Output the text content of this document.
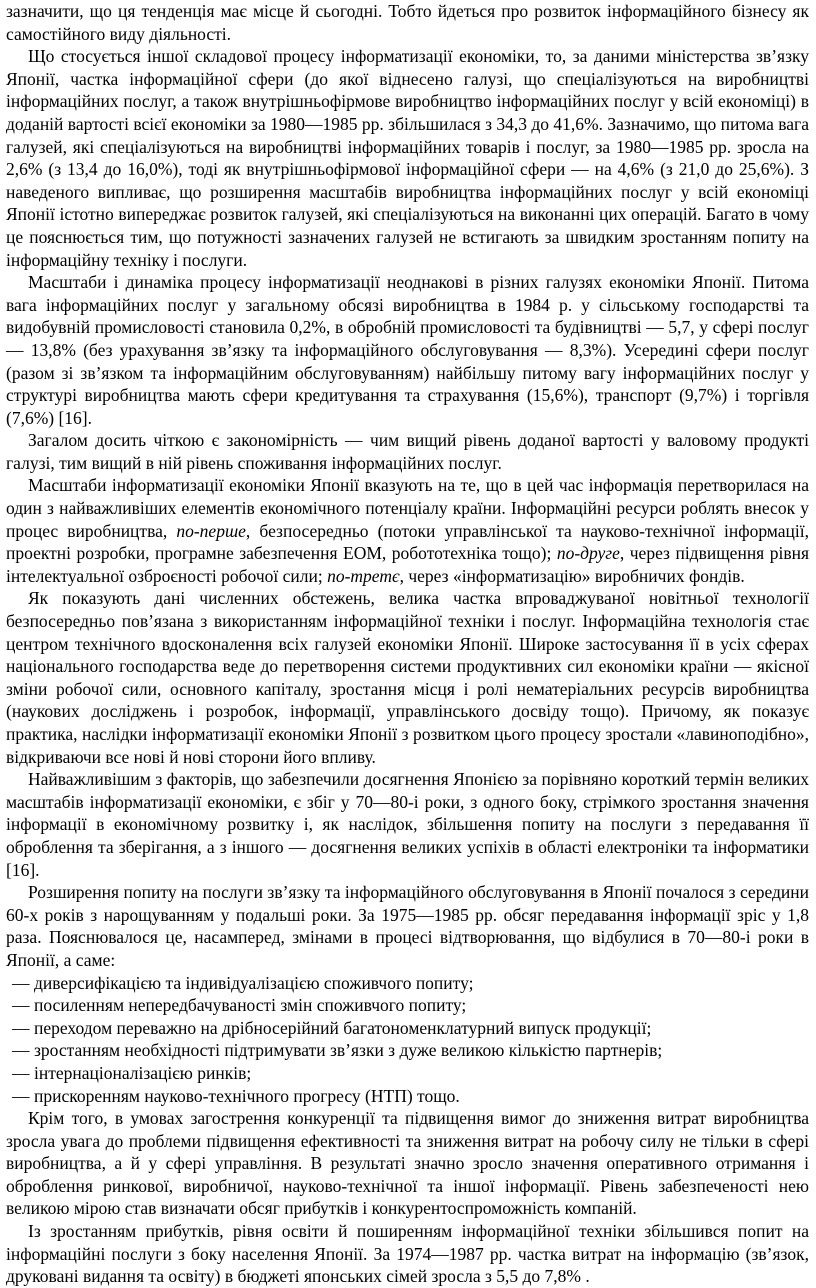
зазначити, що ця тенденція має місце й сьогодні. Тобто йдеться про розвиток інформаційного бізнесу як самостійного виду діяльності.

Що стосується іншої складової процесу інформатизації економіки, то, за даними міністерства зв’язку Японії, частка інформаційної сфери (до якої віднесено галузі, що спеціалізуються на виробництві інформаційних послуг, а також внутрішньофірмове виробництво інформаційних послуг у всій економіці) в доданій вартості всієї економіки за 1980—1985 рр. збільшилася з 34,3 до 41,6%. Зазначимо, що питома вага галузей, які спеціалізуються на виробництві інформаційних товарів і послуг, за 1980—1985 рр. зросла на 2,6% (з 13,4 до 16,0%), тоді як внутрішньофірмової інформаційної сфери — на 4,6% (з 21,0 до 25,6%). З наведеного випливає, що розширення масштабів виробництва інформаційних послуг у всій економіці Японії істотно випереджає розвиток галузей, які спеціалізуються на виконанні цих операцій. Багато в чому це пояснюється тим, що потужності зазначених галузей не встигають за швидким зростанням попиту на інформаційну техніку і послуги.

Масштаби і динаміка процесу інформатизації неоднакові в різних галузях економіки Японії. Питома вага інформаційних послуг у загальному обсязі виробництва в 1984 р. у сільському господарстві та видобувній промисловості становила 0,2%, в обробній промисловості та будівництві — 5,7, у сфері послуг — 13,8% (без урахування зв’язку та інформаційного обслуговування — 8,3%). Усередині сфери послуг (разом зі зв’язком та інформаційним обслуговуванням) найбільшу питому вагу інформаційних послуг у структурі виробництва мають сфери кредитування та страхування (15,6%), транспорт (9,7%) і торгівля (7,6%) [16].

Загалом досить чіткою є закономірність — чим вищий рівень доданої вартості у валовому продукті галузі, тим вищий в ній рівень споживання інформаційних послуг.

Масштаби інформатизації економіки Японії вказують на те, що в цей час інформація перетворилася на один з найважливіших елементів економічного потенціалу країни. Інформаційні ресурси роблять внесок у процес виробництва, по-перше, безпосередньо (потоки управлінської та науково-технічної інформації, проектні розробки, програмне забезпечення ЕОМ, робототехніка тощо); по-друге, через підвищення рівня інтелектуальної озброєності робочої сили; по-третє, через «інформатизацію» виробничих фондів.

Як показують дані численних обстежень, велика частка впроваджуваної новітньої технології безпосередньо пов’язана з використанням інформаційної техніки і послуг. Інформаційна технологія стає центром технічного вдосконалення всіх галузей економіки Японії. Широке застосування її в усіх сферах національного господарства веде до перетворення системи продуктивних сил економіки країни — якісної зміни робочої сили, основного капіталу, зростання місця і ролі нематеріальних ресурсів виробництва (наукових досліджень і розробок, інформації, управлінського досвіду тощо). Причому, як показує практика, наслідки інформатизації економіки Японії з розвитком цього процесу зростали «лавиноподібно», відкриваючи все нові й нові сторони його впливу.

Найважливішим з факторів, що забезпечили досягнення Японією за порівняно короткий термін великих масштабів інформатизації економіки, є збіг у 70—80-і роки, з одного боку, стрімкого зростання значення інформації в економічному розвитку і, як наслідок, збільшення попиту на послуги з передавання її оброблення та зберігання, а з іншого — досягнення великих успіхів в області електроніки та інформатики [16].

Розширення попиту на послуги зв’язку та інформаційного обслуговування в Японії почалося з середини 60-х років з нарощуванням у подальші роки. За 1975—1985 рр. обсяг передавання інформації зріс у 1,8 раза. Пояснювалося це, насамперед, змінами в процесі відтворювання, що відбулися в 70—80-і роки в Японії, а саме:

— диверсифікацією та індивідуалізацією споживчого попиту;

— посиленням непередбачуваності змін споживчого попиту;

— переходом переважно на дрібносерійний багатономенклатурний випуск продукції;

— зростанням необхідності підтримувати зв’язки з дуже великою кількістю партнерів;

— інтернаціоналізацією ринків;

— прискоренням науково-технічного прогресу (НТП) тощо.

Крім того, в умовах загострення конкуренції та підвищення вимог до зниження витрат виробництва зросла увага до проблеми підвищення ефективності та зниження витрат на робочу силу не тільки в сфері виробництва, а й у сфері управління. В результаті значно зросло значення оперативного отримання і оброблення ринкової, виробничої, науково-технічної та іншої інформації. Рівень забезпеченості нею великою мірою став визначати обсяг прибутків і конкурентоспроможність компаній.

Із зростанням прибутків, рівня освіти й поширенням інформаційної техніки збільшився попит на інформаційні послуги з боку населення Японії. За 1974—1987 рр. частка витрат на інформацію (зв’язок, друковані видання та освіту) в бюджеті японських сімей зросла з 5,5 до 7,8% .
